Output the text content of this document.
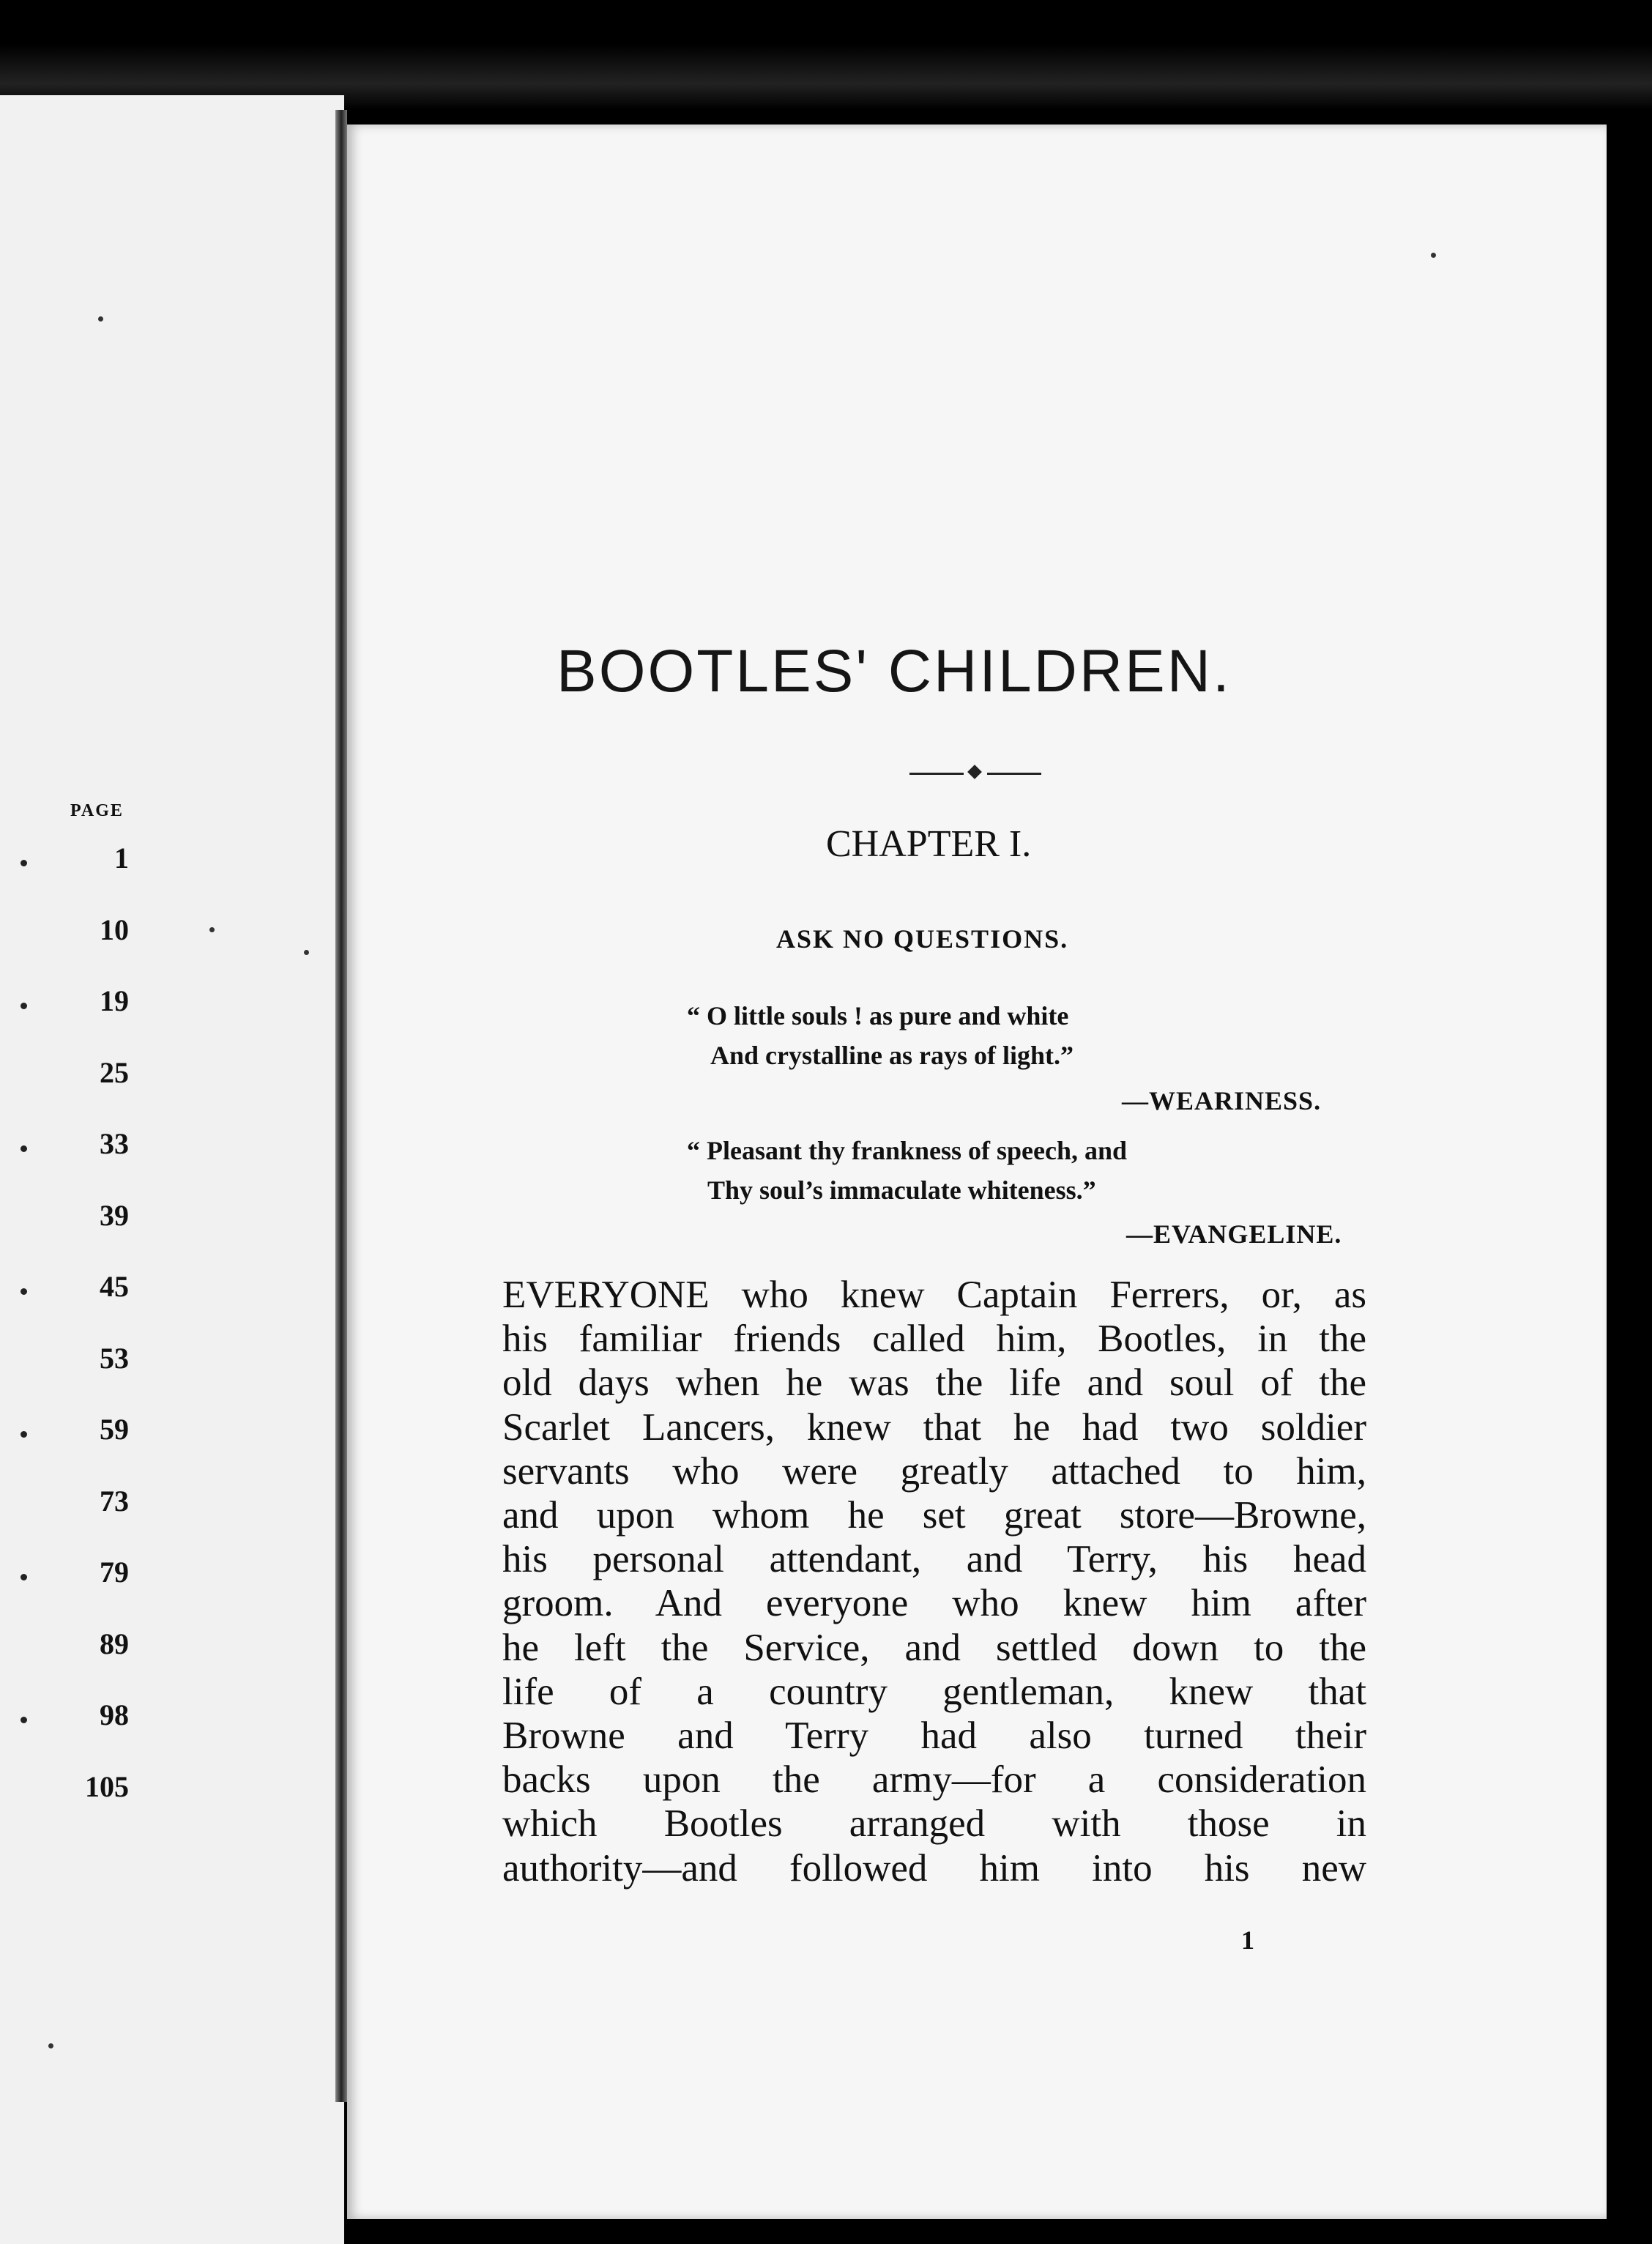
PAGE
1
10
19
25
33
39
45
53
59
73
79
89
98
105
BOOTLES' CHILDREN.
CHAPTER I.
ASK NO QUESTIONS.
“ O little souls ! as pure and white
And crystalline as rays of light.”
—WEARINESS.
“ Pleasant thy frankness of speech, and
Thy soul’s immaculate whiteness.”
—EVANGELINE.
EVERYONE who knew Captain Ferrers, or, as
his familiar friends called him, Bootles, in the
old days when he was the life and soul of the
Scarlet Lancers, knew that he had two soldier
servants who were greatly attached to him,
and upon whom he set great store—Browne,
his personal attendant, and Terry, his head
groom. And everyone who knew him after
he left the Service, and settled down to the
life of a country gentleman, knew that
Browne and Terry had also turned their
backs upon the army—for a consideration
which Bootles arranged with those in
authority—and followed him into his new
1
